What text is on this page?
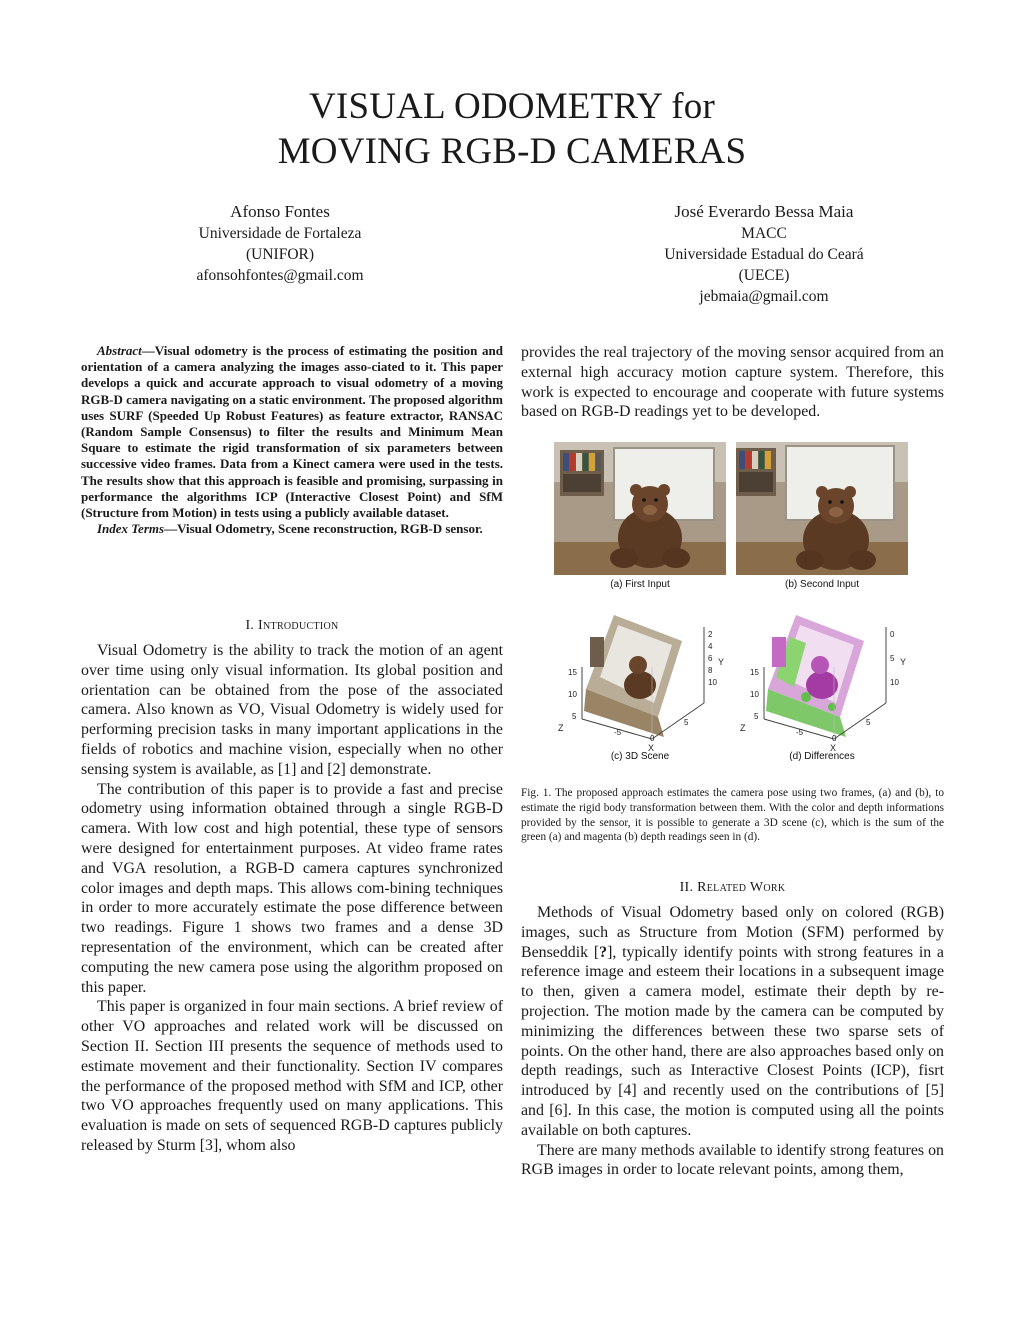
VISUAL ODOMETRY for
MOVING RGB-D CAMERAS
Afonso Fontes
Universidade de Fortaleza
(UNIFOR)
afonsohfontes@gmail.com
José Everardo Bessa Maia
MACC
Universidade Estadual do Ceará
(UECE)
jebmaia@gmail.com

Abstract—Visual odometry is the process of estimating the position and orientation of a camera analyzing the images asso-ciated to it. This paper develops a quick and accurate approach to visual odometry of a moving RGB-D camera navigating on a static environment. The proposed algorithm uses SURF (Speeded Up Robust Features) as feature extractor, RANSAC (Random Sample Consensus) to filter the results and Minimum Mean Square to estimate the rigid transformation of six parameters between successive video frames. Data from a Kinect camera were used in the tests. The results show that this approach is feasible and promising, surpassing in performance the algorithms ICP (Interactive Closest Point) and SfM (Structure from Motion) in tests using a publicly available dataset.

Index Terms—Visual Odometry, Scene reconstruction, RGB-D sensor.

I. Introduction

Visual Odometry is the ability to track the motion of an agent over time using only visual information. Its global position and orientation can be obtained from the pose of the associated camera. Also known as VO, Visual Odometry is widely used for performing precision tasks in many important applications in the fields of robotics and machine vision, especially when no other sensing system is available, as [1] and [2] demonstrate.

The contribution of this paper is to provide a fast and precise odometry using information obtained through a single RGB-D camera. With low cost and high potential, these type of sensors were designed for entertainment purposes. At video frame rates and VGA resolution, a RGB-D camera captures synchronized color images and depth maps. This allows com-bining techniques in order to more accurately estimate the pose difference between two readings. Figure 1 shows two frames and a dense 3D representation of the environment, which can be created after computing the new camera pose using the algorithm proposed on this paper.

This paper is organized in four main sections. A brief review of other VO approaches and related work will be discussed on Section II. Section III presents the sequence of methods used to estimate movement and their functionality. Section IV compares the performance of the proposed method with SfM and ICP, other two VO approaches frequently used on many applications. This evaluation is made on sets of sequenced RGB-D captures publicly released by Sturm [3], whom also

provides the real trajectory of the moving sensor acquired from an external high accuracy motion capture system. Therefore, this work is expected to encourage and cooperate with future systems based on RGB-D readings yet to be developed.

(a) First Input	(b) Second Input
15
10
5
Z
2
4
6
8
10
Y
-5
0
5
X
15
10
5
Z
0
5
10
Y
-5
0
5
X
(c) 3D Scene	(d) Differences
Fig. 1. The proposed approach estimates the camera pose using two frames, (a) and (b), to estimate the rigid body transformation between them. With the color and depth informations provided by the sensor, it is possible to generate a 3D scene (c), which is the sum of the green (a) and magenta (b) depth readings seen in (d).
II. Related Work

Methods of Visual Odometry based only on colored (RGB) images, such as Structure from Motion (SFM) performed by Benseddik [?], typically identify points with strong features in a reference image and esteem their locations in a subsequent image to then, given a camera model, estimate their depth by re-projection. The motion made by the camera can be computed by minimizing the differences between these two sparse sets of points. On the other hand, there are also approaches based only on depth readings, such as Interactive Closest Points (ICP), fisrt introduced by [4] and recently used on the contributions of [5] and [6]. In this case, the motion is computed using all the points available on both captures.

There are many methods available to identify strong features on RGB images in order to locate relevant points, among them,
